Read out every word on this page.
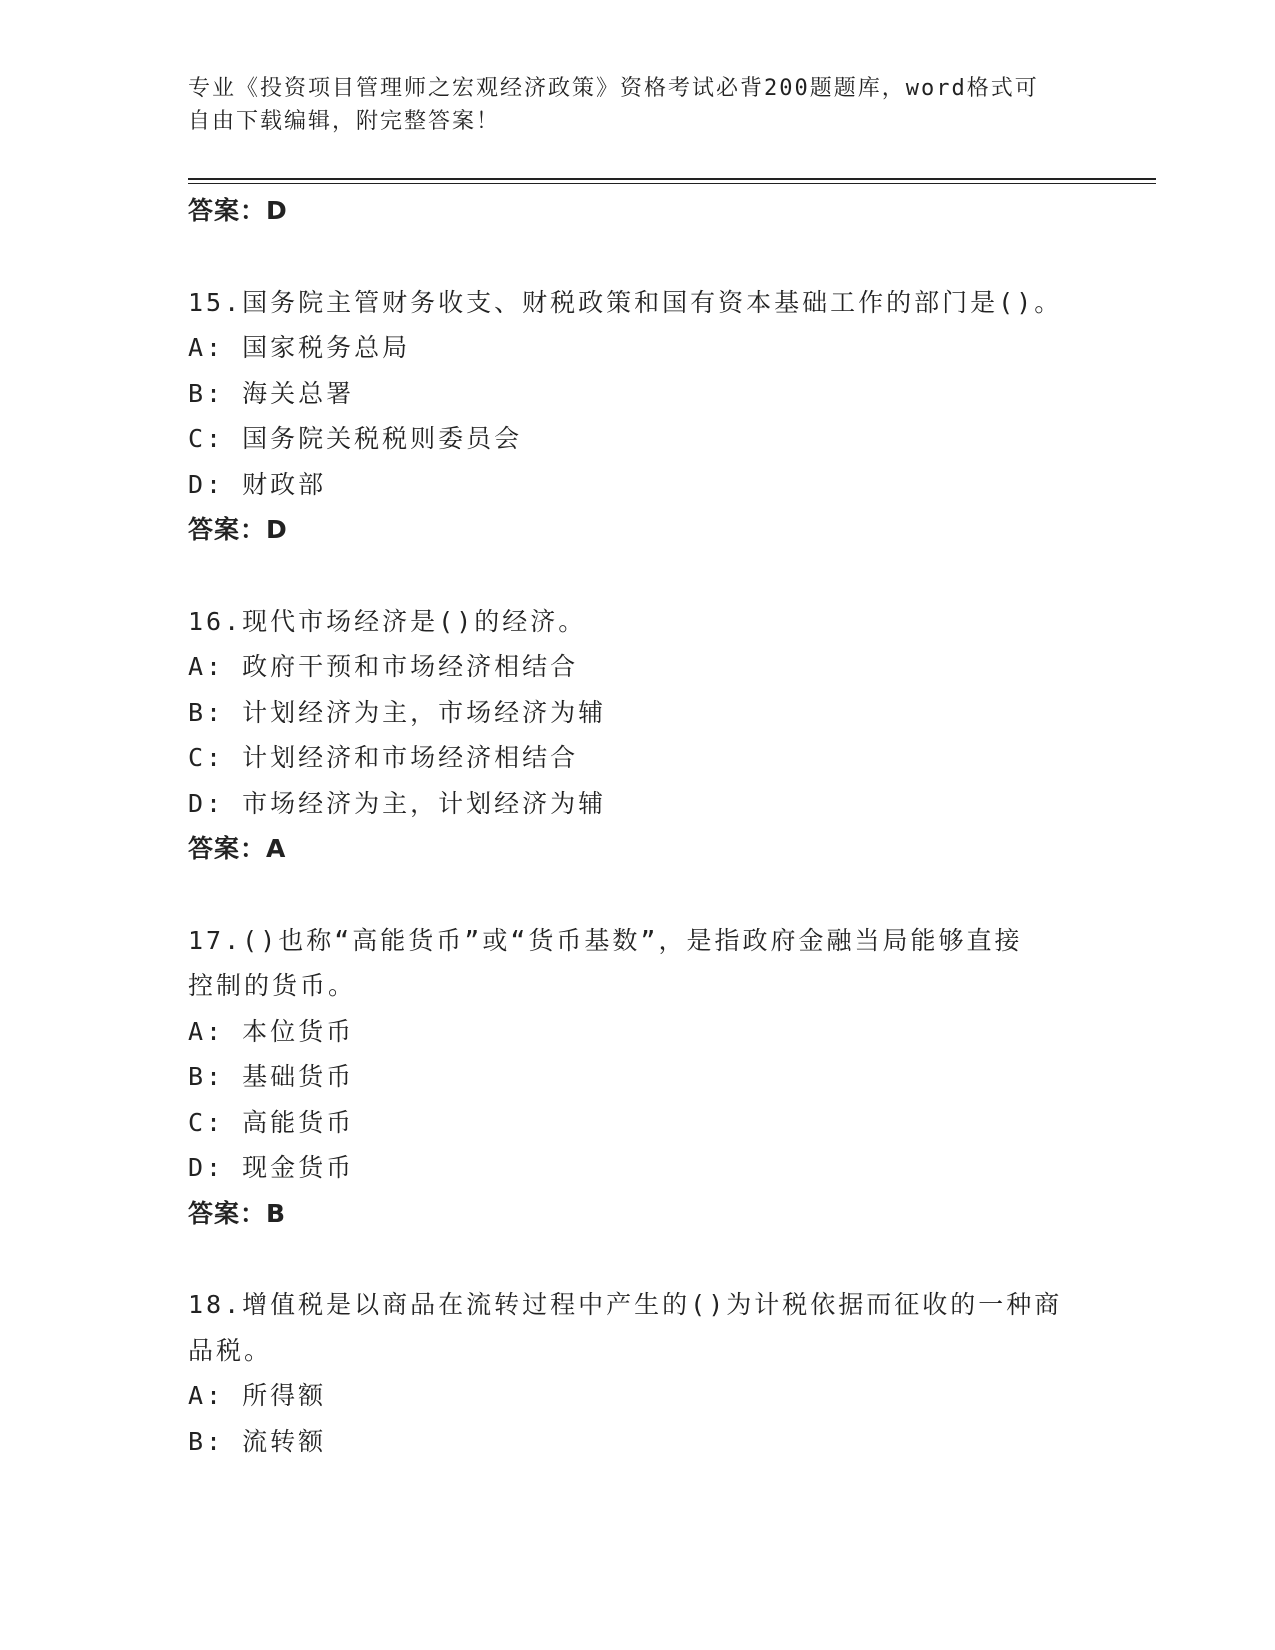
专业《投资项目管理师之宏观经济政策》资格考试必背200题题库，word格式可
自由下载编辑，附完整答案！
答案：D
15.国务院主管财务收支、财税政策和国有资本基础工作的部门是()。
A: 国家税务总局
B: 海关总署
C: 国务院关税税则委员会
D: 财政部
答案：D
16.现代市场经济是()的经济。
A: 政府干预和市场经济相结合
B: 计划经济为主，市场经济为辅
C: 计划经济和市场经济相结合
D: 市场经济为主，计划经济为辅
答案：A
17.()也称“高能货币”或“货币基数”，是指政府金融当局能够直接
控制的货币。
A: 本位货币
B: 基础货币
C: 高能货币
D: 现金货币
答案：B
18.增值税是以商品在流转过程中产生的()为计税依据而征收的一种商
品税。
A: 所得额
B: 流转额
